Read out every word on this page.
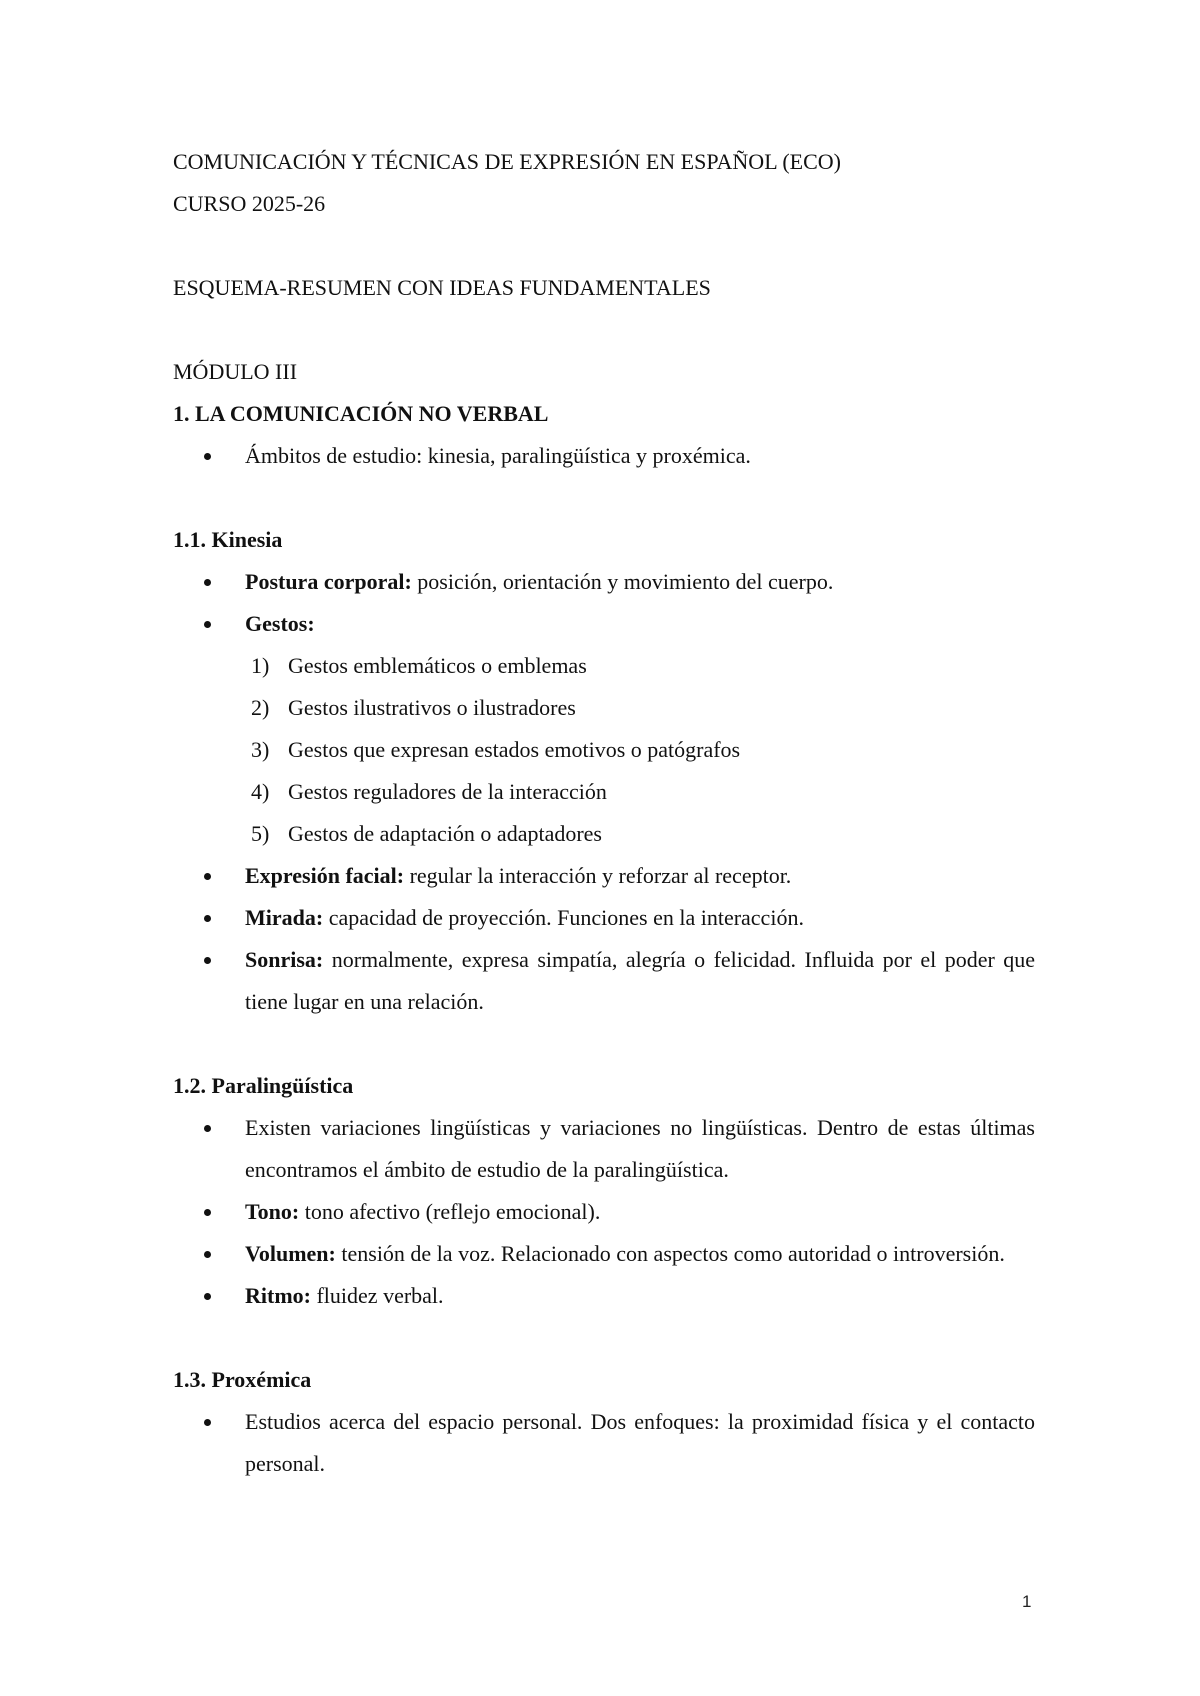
COMUNICACIÓN Y TÉCNICAS DE EXPRESIÓN EN ESPAÑOL (ECO)

CURSO 2025-26

ESQUEMA-RESUMEN CON IDEAS FUNDAMENTALES

MÓDULO III

1. LA COMUNICACIÓN NO VERBAL

Ámbitos de estudio: kinesia, paralingüística y proxémica.

1.1. Kinesia

Postura corporal: posición, orientación y movimiento del cuerpo.
Gestos:
1) Gestos emblemáticos o emblemas
2) Gestos ilustrativos o ilustradores
3) Gestos que expresan estados emotivos o patógrafos
4) Gestos reguladores de la interacción
5) Gestos de adaptación o adaptadores
Expresión facial: regular la interacción y reforzar al receptor.
Mirada: capacidad de proyección. Funciones en la interacción.
Sonrisa: normalmente, expresa simpatía, alegría o felicidad. Influida por el poder que tiene lugar en una relación.

1.2. Paralingüística

Existen variaciones lingüísticas y variaciones no lingüísticas. Dentro de estas últimas encontramos el ámbito de estudio de la paralingüística.
Tono: tono afectivo (reflejo emocional).
Volumen: tensión de la voz. Relacionado con aspectos como autoridad o introversión.
Ritmo: fluidez verbal.

1.3. Proxémica

Estudios acerca del espacio personal. Dos enfoques: la proximidad física y el contacto personal.
1
